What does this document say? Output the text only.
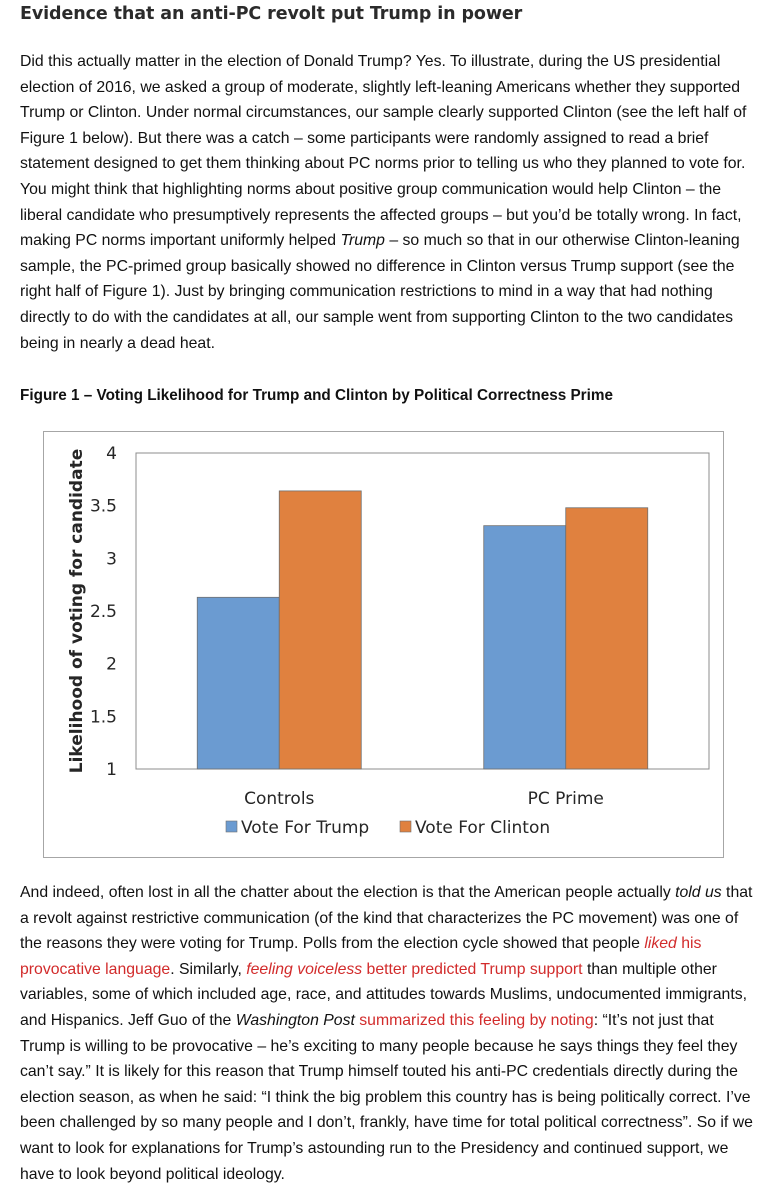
Evidence that an anti-PC revolt put Trump in power

Did this actually matter in the election of Donald Trump? Yes. To illustrate, during the US presidential election of 2016, we asked a group of moderate, slightly left-leaning Americans whether they supported Trump or Clinton. Under normal circumstances, our sample clearly supported Clinton (see the left half of Figure 1 below). But there was a catch – some participants were randomly assigned to read a brief statement designed to get them thinking about PC norms prior to telling us who they planned to vote for. You might think that highlighting norms about positive group communication would help Clinton – the liberal candidate who presumptively represents the affected groups – but you’d be totally wrong. In fact, making PC norms important uniformly helped Trump – so much so that in our otherwise Clinton-leaning sample, the PC-primed group basically showed no difference in Clinton versus Trump support (see the right half of Figure 1). Just by bringing communication restrictions to mind in a way that had nothing directly to do with the candidates at all, our sample went from supporting Clinton to the two candidates being in nearly a dead heat.

Figure 1 – Voting Likelihood for Trump and Clinton by Political Correctness Prime

1
1.5
2
2.5
3
3.5
4
Likelihood of voting for candidate
Controls	PC Prime
Vote For Trump	Vote For Clinton

And indeed, often lost in all the chatter about the election is that the American people actually told us that a revolt against restrictive communication (of the kind that characterizes the PC movement) was one of the reasons they were voting for Trump. Polls from the election cycle showed that people liked his provocative language. Similarly, feeling voiceless better predicted Trump support than multiple other variables, some of which included age, race, and attitudes towards Muslims, undocumented immigrants, and Hispanics. Jeff Guo of the Washington Post summarized this feeling by noting: “It’s not just that Trump is willing to be provocative – he’s exciting to many people because he says things they feel they can’t say.” It is likely for this reason that Trump himself touted his anti-PC credentials directly during the election season, as when he said: “I think the big problem this country has is being politically correct. I’ve been challenged by so many people and I don’t, frankly, have time for total political correctness”. So if we want to look for explanations for Trump’s astounding run to the Presidency and continued support, we have to look beyond political ideology.
